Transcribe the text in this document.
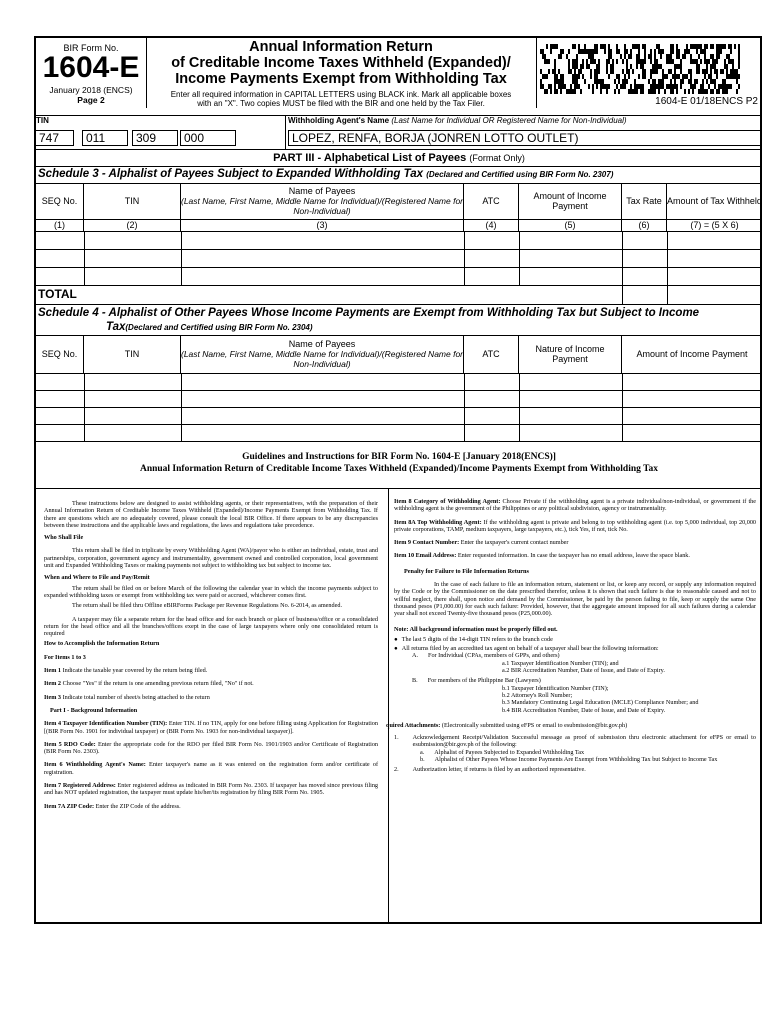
BIR Form No.
1604-E
January 2018 (ENCS)
Page 2
Annual Information Return
of Creditable Income Taxes Withheld (Expanded)/
Income Payments Exempt from Withholding Tax
Enter all required information in CAPITAL LETTERS using BLACK ink. Mark all applicable boxes
with an "X". Two copies MUST be filed with the BIR and one held by the Tax Filer.	1604-E 01/18ENCS P2
TIN	Withholding Agent's Name (Last Name for Individual OR Registered Name for Non-Individual)
747	011	309	000	LOPEZ, RENFA, BORJA (JONREN LOTTO OUTLET)
PART III - Alphabetical List of Payees (Format Only)
Schedule 3 - Alphalist of Payees Subject to Expanded Withholding Tax (Declared and Certified using BIR Form No. 2307)
SEQ No.	TIN
Name of Payees
(Last Name, First Name, Middle Name for Individual)/(Registered Name for Non-Individual)
ATC	Amount of Income Payment	Tax Rate Amount of Tax Withheld
(1)	(2)	(3)	(4)	(5)	(6)	(7) = (5 X 6)
TOTAL
Schedule 4 - Alphalist of Other Payees Whose Income Payments are Exempt from Withholding Tax but Subject to Income
Tax(Declared and Certified using BIR Form No. 2304)
SEQ No.	TIN
Name of Payees
(Last Name, First Name, Middle Name for Individual)/(Registered Name for Non-Individual)
ATC	Nature of Income Payment	Amount of Income Payment
Guidelines and Instructions for BIR Form No. 1604-E [January 2018(ENCS)]
Annual Information Return of Creditable Income Taxes Withheld (Expanded)/Income Payments Exempt from Withholding Tax

These instructions below are designed to assist withholding agents, or their representatives, with the preparation of their Annual Information Return of Creditable Income Taxes Withheld (Expanded)/Income Payments Exempt from Withholding Tax. If there are questions which are no adequately covered, please consult the local BIR Office. If there appears to be any discrepancies between these instructions and the applicable laws and regulations, the laws and regulations take precedence.

Who Shall File

This return shall be filed in triplicate by every Withholding Agent (WA)/payor who is either an individual, estate, trust and partnerships, corporation, government agency and instrumentality, government owned and controlled corporation, local government unit and Expanded Withholding Taxes or making payments not subject to withholding tax but subject to income tax.

When and Where to File and Pay/Remit

The return shall be filed on or before March of the following the calendar year in which the income payments subject to expanded withholding taxes or exempt from withholding tax were paid or accrued, whichever comes first.

The return shall be filed thru Offline eBIRForms Package per Revenue Regulations No. 6-2014, as amended.

A taxpayer may file a separate return for the head office and for each branch or place of business/office or a consolidated return for the head office and all the branches/offices exept in the case of large taxpayers where only one consolidated return is required

How to Accomplish the Information Return

For Items 1 to 3

Item 1 Indicate the taxable year covered by the return being filed.

Item 2 Choose "Yes" if the return is one amending previous return filed, "No" if not.

Item 3 Indicate total number of sheet/s being attached to the return

Part I - Background Information

Item 4 Taxpayer Identification Number (TIN): Enter TIN. If no TIN, apply for one before filling using Application for Registration [(BIR Form No. 1901 for individual taxpayer) or (BIR Form No. 1903 for non-individual taxpayer)].

Item 5 RDO Code: Enter the appropriate code for the RDO per filed BIR Form No. 1901/1903 and/or Certificate of Registration (BIR Form No. 2303).

Item 6 Winthholding Agent's Name: Enter taxpayer's name as it was entered on the registration form and/or certificate of registration.

Item 7 Registered Address: Enter registered address as indicated in BIR Form No. 2303. If taxpayer has moved since previous filing and has NOT updated registration, the taxpayer must update his/her/its registration by filing BIR Form No. 1905.

Item 7A ZIP Code: Enter the ZIP Code of the address.

Item 8 Category of Withholding Agent: Choose Private if the withholding agent is a private individual/non-individual, or government if the withholding agent is the government of the Philippines or any political subdivision, agency or instrumentality.

Item 8A Top Withholding Agent: If the withholding agent is private and belong to top withholding agent (i.e. top 5,000 individual, top 20,000 private corporations, TAMP, medium taxpayers, large taxpayers, etc.), tick Yes, if not, tick No.

Item 9 Contact Number: Enter the taxpayer's current contact number

Item 10 Email Address: Enter requested information. In case the taxpayer has no email address, leave the space blank.

Penalty for Failure to File Information Returns

In the case of each failure to file an information return, statement or list, or keep any record, or supply any information required by the Code or by the Commissioner on the date prescribed therefor, unless it is shown that such failure is due to reasonable caused and not to willful neglect, there shall, upon notice and demand by the Commissioner, be paid by the person failing to file, keep or supply the same One thousand pesos (P1,000.00) for each such failure: Provided, however, that the aggregate amount imposed for all such failures during a calendar year shall not exceed Twenty-five thousand pesos (P25,000.00).

Note: All background information must be properly filled out.

● The last 5 digits of the 14-digit TIN refers to the branch code
● All returns filed by an accredited tax agent on behalf of a taxpayer shall bear the following information:
A. For Individual (CPAs, members of GPPs, and others)
a.1 Taxpayer Identification Number (TIN); and
a.2 BIR Accreditation Number, Date of Issue, and Date of Expiry.
B. For members of the Philippine Bar (Lawyers)
b.1 Taxpayer Identification Number (TIN);
b.2 Attorney's Roll Number;
b.3 Mandatory Continuing Legal Education (MCLE) Compliance Number; and
b.4 BIR Accreditation Number, Date of Issue, and Date of Expiry.

quired Attachments: (Electronically submitted using eFPS or email to esubmission@bir.gov.ph)

1. Acknowledgement Receipt/Validation Successful message as proof of submission thru electronic attachment for eFPS or email to esubmission@bir.gov.ph of the following:
a. Alphalist of Payees Subjected to Expanded Withholding Tax
b. Alphalist of Other Payees Whose Income Payments Are Exempt from Withholding Tax but Subject to Income Tax
2. Authorization letter, if returns is filed by an authorized representative.
